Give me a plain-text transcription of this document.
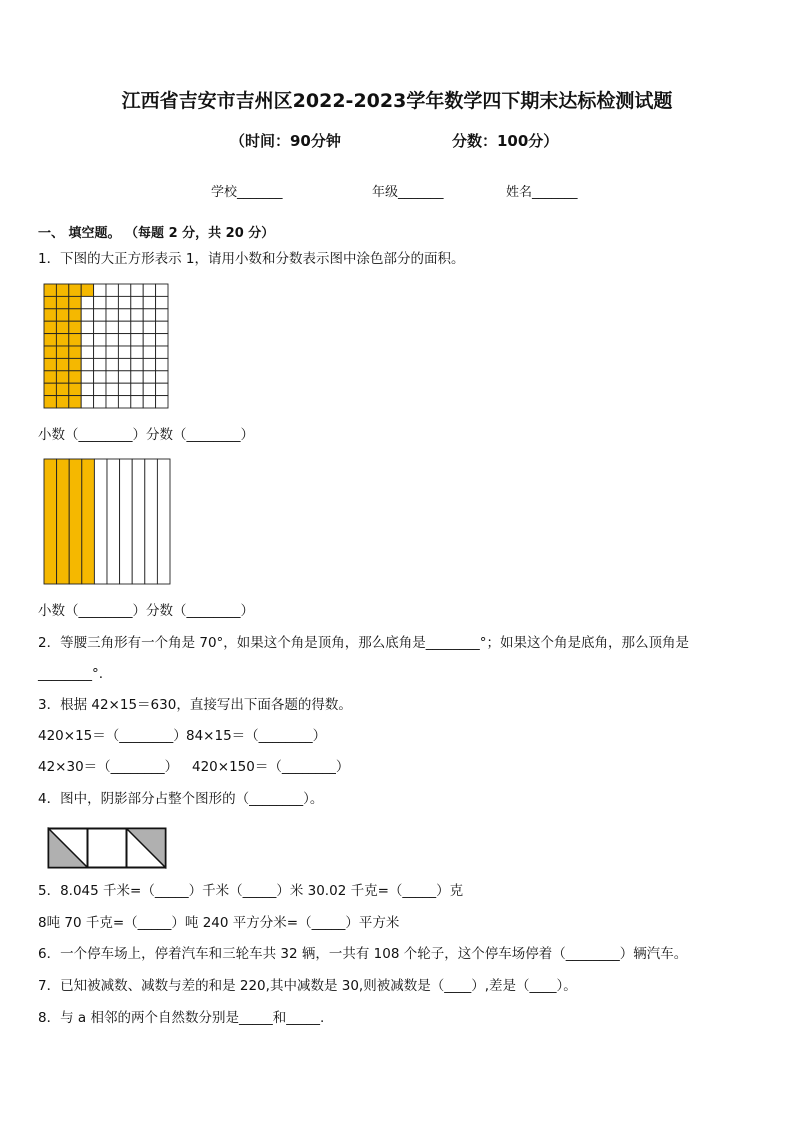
江西省吉安市吉州区2022-2023学年数学四下期末达标检测试题
（时间：90分钟	分数：100分）
学校_______	年级_______	姓名_______
一、 填空题。 （每题 2 分，共 20 分）
1．下图的大正方形表示 1，请用小数和分数表示图中涂色部分的面积。
小数（________）分数（________）
小数（________）分数（________）
2．等腰三角形有一个角是 70°，如果这个角是顶角，那么底角是________°；如果这个角是底角，那么顶角是
________°.
3．根据 42×15＝630，直接写出下面各题的得数。
420×15＝（________） 84×15＝（________）
42×30＝（________） 420×150＝（________）
4．图中，阴影部分占整个图形的（________）。
5．8.045 千米=（_____）千米（_____）米 30.02 千克=（_____）克
8吨 70 千克=（_____）吨 240 平方分米=（_____）平方米
6．一个停车场上，停着汽车和三轮车共 32 辆，一共有 108 个轮子，这个停车场停着（________）辆汽车。
7．已知被减数、减数与差的和是 220,其中减数是 30,则被减数是（____）,差是（____）。
8．与 a 相邻的两个自然数分别是_____和_____.
